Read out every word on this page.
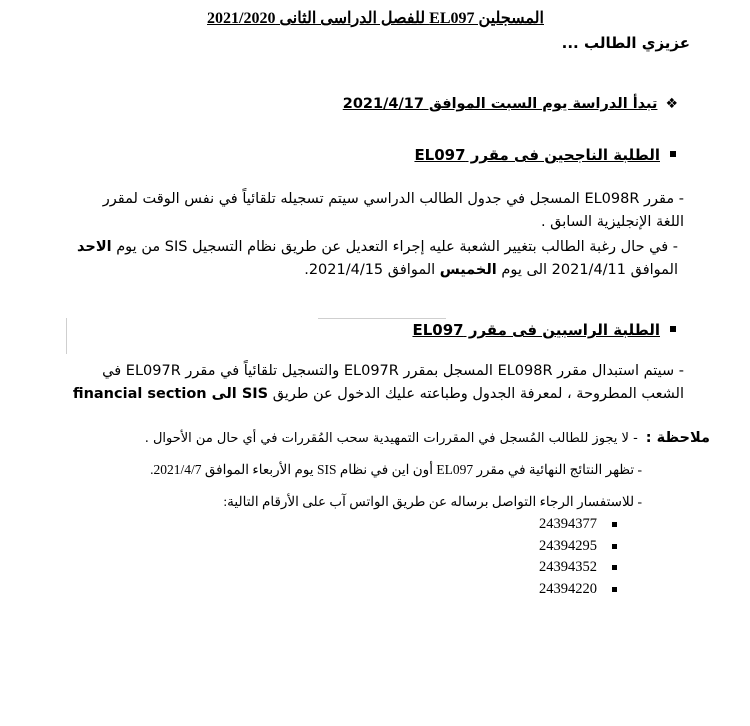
المسجلين EL097 للفصل الدراسى الثانى 2021/2020
عزيزي الطالب ...
❖تبدأ الدراسة يوم السبت الموافق 2021/4/17
الطلبة الناجحين فى مقرر EL097
- مقرر EL098R المسجل في جدول الطالب الدراسي سيتم تسجيله تلقائياً في نفس الوقت لمقرر اللغة الإنجليزية السابق .
- في حال رغبة الطالب بتغيير الشعبة عليه إجراء التعديل عن طريق نظام التسجيل SIS من يوم الاحد الموافق 2021/4/11 الى يوم الخميس الموافق 2021/4/15.
الطلبة الراسبين فى مقرر EL097
- سيتم استبدال مقرر EL098R المسجل بمقرر EL097R والتسجيل تلقائياً في مقرر EL097R في الشعب المطروحة ، لمعرفة الجدول وطباعته عليك الدخول عن طريق SIS الى financial section
ملاحظة :- لا يجوز للطالب المُسجل في المقررات التمهيدية سحب المُقررات في أي حال من الأحوال .
- تظهر النتائج النهائية في مقرر EL097 أون اين في نظام SIS يوم الأربعاء الموافق 2021/4/7.
- للاستفسار الرجاء التواصل برساله عن طريق الواتس آب على الأرقام التالية:
24394377
24394295
24394352
24394220
